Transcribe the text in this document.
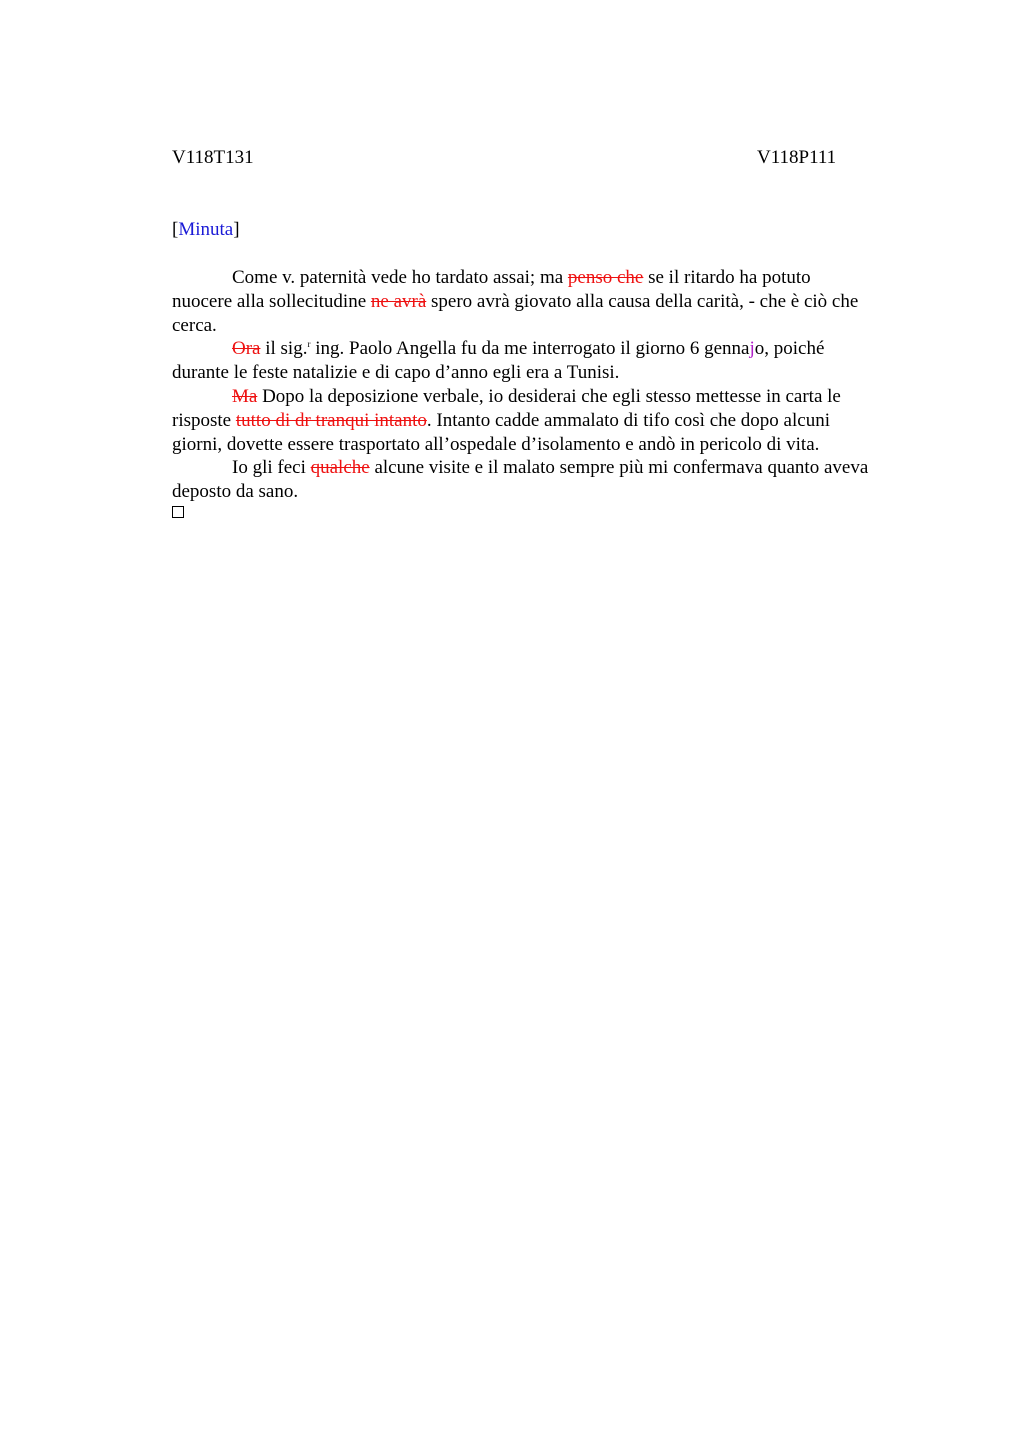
V118T131	V118P111
[Minuta]

Come v. paternità vede ho tardato assai; ma penso che se il ritardo ha potuto
nuocere alla sollecitudine ne avrà spero avrà giovato alla causa della carità, - che è ciò che
cerca.

Ora il sig.$^r$ ing. Paolo Angella fu da me interrogato il giorno 6 gennajo, poiché
durante le feste natalizie e di capo d’anno egli era a Tunisi.

Ma Dopo la deposizione verbale, io desiderai che egli stesso mettesse in carta le
risposte tutto di dr tranqui intanto. Intanto cadde ammalato di tifo così che dopo alcuni
giorni, dovette essere trasportato all’ospedale d’isolamento e andò in pericolo di vita.

Io gli feci qualche alcune visite e il malato sempre più mi confermava quanto aveva
deposto da sano.
